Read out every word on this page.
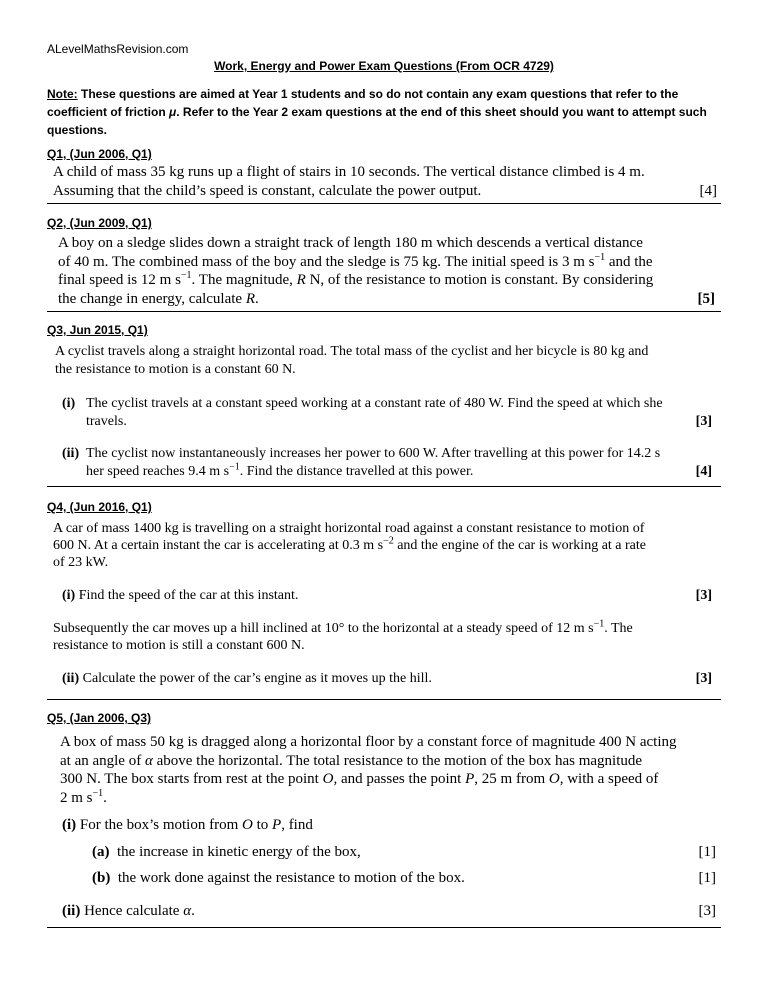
ALevelMathsRevision.com
Work, Energy and Power Exam Questions (From OCR 4729)
Note: These questions are aimed at Year 1 students and so do not contain any exam questions that refer to the coefficient of friction μ. Refer to the Year 2 exam questions at the end of this sheet should you want to attempt such questions.
Q1, (Jun 2006, Q1)
A child of mass 35 kg runs up a flight of stairs in 10 seconds. The vertical distance climbed is 4 m.
Assuming that the child’s speed is constant, calculate the power output.	[4]
Q2, (Jun 2009, Q1)
A boy on a sledge slides down a straight track of length 180 m which descends a vertical distance
of 40 m. The combined mass of the boy and the sledge is 75 kg. The initial speed is 3 m $s^{-1}$ and the
final speed is 12 m $s^{-1}$. The magnitude, R N, of the resistance to motion is constant. By considering
the change in energy, calculate R.	[5]
Q3, Jun 2015, Q1)
A cyclist travels along a straight horizontal road. The total mass of the cyclist and her bicycle is 80 kg and
the resistance to motion is a constant 60 N.
(i) The cyclist travels at a constant speed working at a constant rate of 480 W. Find the speed at which she
travels.	[3]
(ii) The cyclist now instantaneously increases her power to 600 W. After travelling at this power for 14.2 s
her speed reaches 9.4 m $s^{-1}$. Find the distance travelled at this power.	[4]
Q4, (Jun 2016, Q1)
A car of mass 1400 kg is travelling on a straight horizontal road against a constant resistance to motion of
600 N. At a certain instant the car is accelerating at 0.3 m $s^{-2}$ and the engine of the car is working at a rate
of 23 kW.
(i) Find the speed of the car at this instant.	[3]
Subsequently the car moves up a hill inclined at 10° to the horizontal at a steady speed of 12 m $s^{-1}$. The
resistance to motion is still a constant 600 N.
(ii) Calculate the power of the car’s engine as it moves up the hill.	[3]
Q5, (Jan 2006, Q3)
A box of mass 50 kg is dragged along a horizontal floor by a constant force of magnitude 400 N acting
at an angle of α above the horizontal. The total resistance to the motion of the box has magnitude
300 N. The box starts from rest at the point O, and passes the point P, 25 m from O, with a speed of
2 m $s^{-1}$.
(i) For the box’s motion from O to P, find
(a) the increase in kinetic energy of the box,	[1]
(b) the work done against the resistance to motion of the box.	[1]
(ii) Hence calculate α.	[3]
